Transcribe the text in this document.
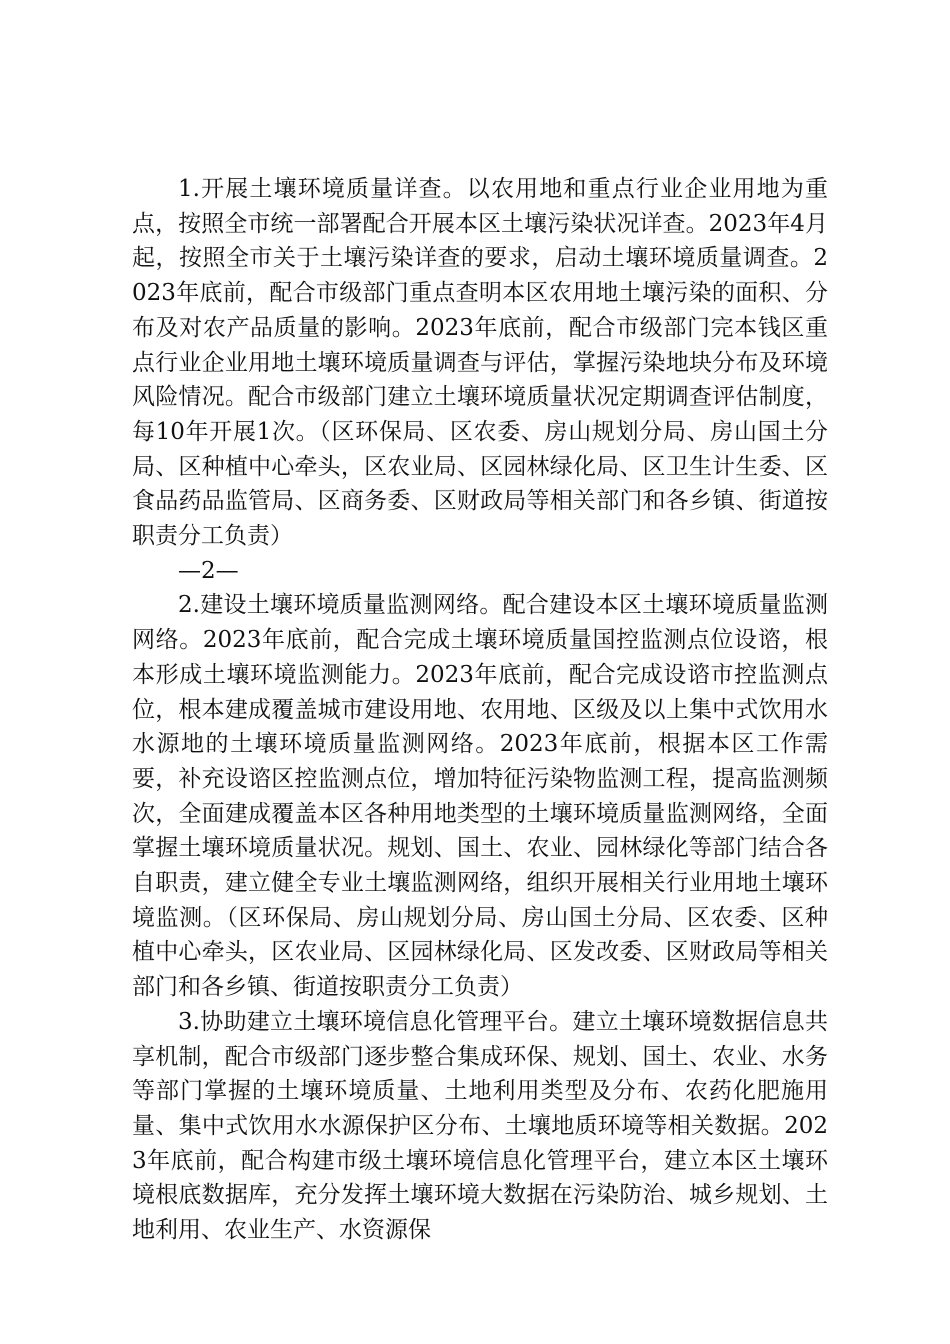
1.开展土壤环境质量详查。以农用地和重点行业企业用地为重点，按照全市统一部署配合开展本区土壤污染状况详查。2023年4月起，按照全市关于土壤污染详查的要求，启动土壤环境质量调查。2023年底前，配合市级部门重点查明本区农用地土壤污染的面积、分布及对农产品质量的影响。2023年底前，配合市级部门完本钱区重点行业企业用地土壤环境质量调查与评估，掌握污染地块分布及环境风险情况。配合市级部门建立土壤环境质量状况定期调查评估制度，每10年开展1次。（区环保局、区农委、房山规划分局、房山国土分局、区种植中心牵头，区农业局、区园林绿化局、区卫生计生委、区食品药品监管局、区商务委、区财政局等相关部门和各乡镇、街道按职责分工负责）

—2—

2.建设土壤环境质量监测网络。配合建设本区土壤环境质量监测网络。2023年底前，配合完成土壤环境质量国控监测点位设谘，根本形成土壤环境监测能力。2023年底前，配合完成设谘市控监测点位，根本建成覆盖城市建设用地、农用地、区级及以上集中式饮用水水源地的土壤环境质量监测网络。2023年底前，根据本区工作需要，补充设谘区控监测点位，增加特征污染物监测工程，提高监测频次，全面建成覆盖本区各种用地类型的土壤环境质量监测网络，全面掌握土壤环境质量状况。规划、国土、农业、园林绿化等部门结合各自职责，建立健全专业土壤监测网络，组织开展相关行业用地土壤环境监测。（区环保局、房山规划分局、房山国土分局、区农委、区种植中心牵头，区农业局、区园林绿化局、区发改委、区财政局等相关部门和各乡镇、街道按职责分工负责）

3.协助建立土壤环境信息化管理平台。建立土壤环境数据信息共享机制，配合市级部门逐步整合集成环保、规划、国土、农业、水务等部门掌握的土壤环境质量、土地利用类型及分布、农药化肥施用量、集中式饮用水水源保护区分布、土壤地质环境等相关数据。2023年底前，配合构建市级土壤环境信息化管理平台，建立本区土壤环境根底数据库，充分发挥土壤环境大数据在污染防治、城乡规划、土地利用、农业生产、水资源保
